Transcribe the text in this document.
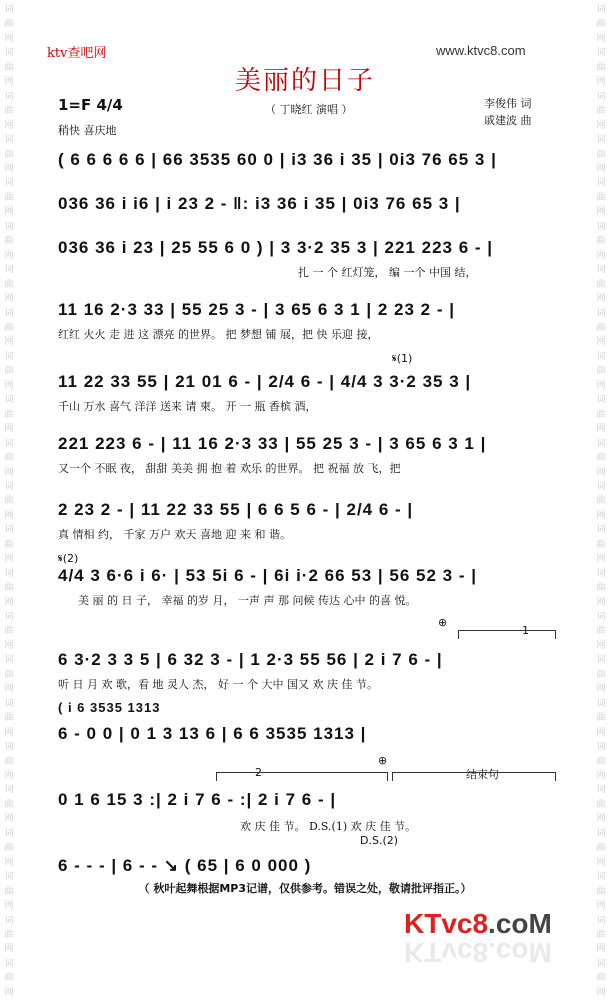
词
曲
网
词
曲
网
词
曲
网
词
曲
网
词
曲
网
词
曲
网
词
曲
网
词
曲
网
词
曲
网
词
曲
网
词
曲
网
词
曲
网
词
曲
网
词
曲
网
词
曲
网
词
曲
网
词
曲
网
词
曲
网
词
曲
网
词
曲
网
词
曲
网
词
曲
网
词
曲
网
词
曲
网
词
曲
网
词
曲
网
词
曲
网
词
曲
网
词
曲
网
词
曲
网
词
曲
网
词
曲
网
词
曲
网
词
曲
网
词
曲
网
词
曲
网
词
曲
网
词
曲
网
词
曲
网
词
曲
网
词
曲
网
词
曲
网
词
曲
网
词
曲
网
词
曲
网
词
曲
网
ktv查吧网	www.ktvc8.com
美丽的日子
1=F 4/4
稍快 喜庆地
（ 丁晓红 演唱 ）	李俊伟 词
戚建波 曲
( 6 6 6 6 6 | 66 3535 60 0 | i3 36 i 35 | 0i3 76 65 3 |
036 36 i i6 | i 23 2 - ‖: i3 36 i 35 | 0i3 76 65 3 |
036 36 i 23 | 25 55 6 0 ) | 3 3·2 35 3 | 221 223 6 - |
扎 一 个 红灯笼， 编 一个 中国 结，
11 16 2·3 33 | 55 25 3 - | 3 65 6 3 1 | 2 23 2 - |
红红 火火 走 进 这 漂亮 的世界。 把 梦想 铺 展，把 快 乐迎 接，
𝄋(1)
11 22 33 55 | 21 01 6 - | 2/4 6 - | 4/4 3 3·2 35 3 |
千山 万水 喜气 洋洋 送来 请 柬。 开 一 瓶 香槟 酒，
221 223 6 - | 11 16 2·3 33 | 55 25 3 - | 3 65 6 3 1 |
又一个 不眠 夜， 甜甜 美美 拥 抱 着 欢乐 的世界。 把 祝福 放 飞，把
2 23 2 - | 11 22 33 55 | 6 6 5 6 - | 2/4 6 - |
真 情相 约， 千家 万户 欢天 喜地 迎 来 和 谐。
𝄋(2)
4/4 3 6·6 i 6· | 53 5i 6 - | 6i i·2 66 53 | 56 52 3 - |
美 丽 的 日 子， 幸福 的岁 月， 一声 声 那 问候 传达 心中 的喜 悦。
⊕
1
6 3·2 3 3 5 | 6 32 3 - | 1 2·3 55 56 | 2 i 7 6 - |
听 日 月 欢 歌，看 地 灵人 杰， 好 一 个 大中 国又 欢 庆 佳 节。
( i 6 3535 1313
6 - 0 0 | 0 1 3 13 6 | 6 6 3535 1313 |
2
⊕
结束句
0 1 6 15 3 :| 2 i 7 6 - :| 2 i 7 6 - |
欢 庆 佳 节。 D.S.(1) 欢 庆 佳 节。
D.S.(2)
6 - - - | 6 - - ↘ ( 65 | 6 0 000 )
（ 秋叶起舞根据MP3记谱，仅供参考。错误之处，敬请批评指正。）
KTvc8.coM
KTvc8.coM
